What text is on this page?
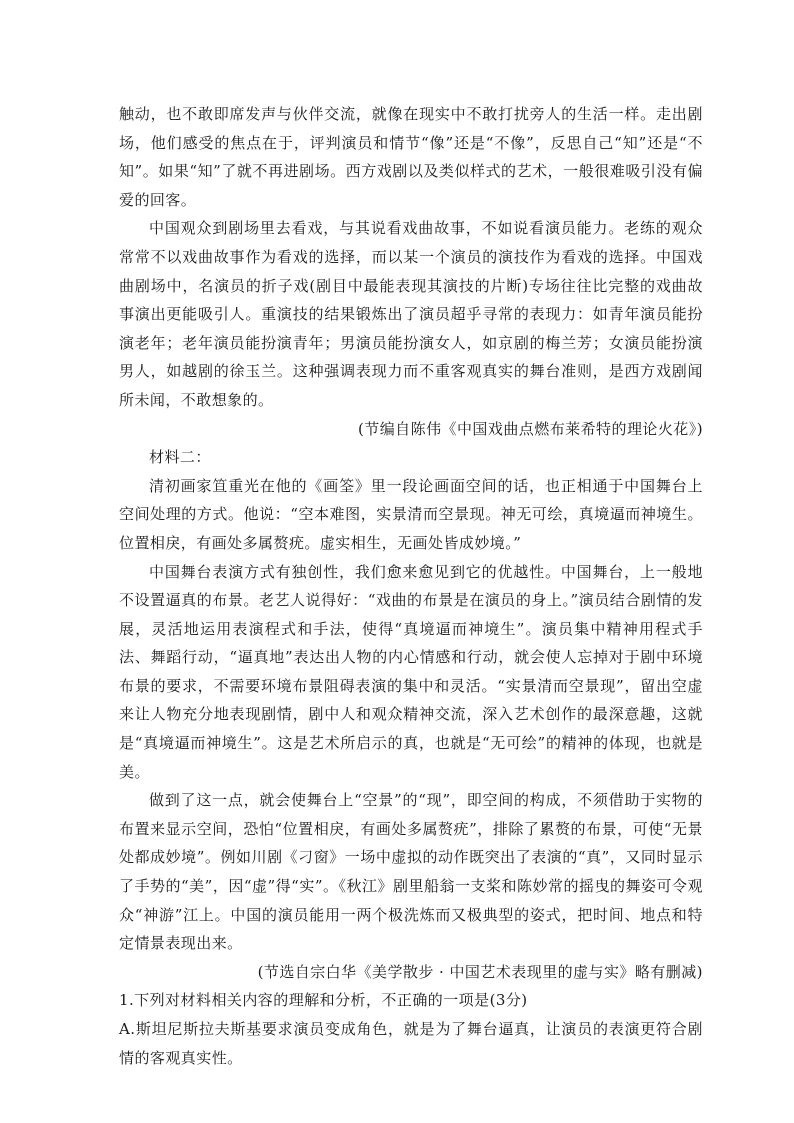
触动，也不敢即席发声与伙伴交流，就像在现实中不敢打扰旁人的生活一样。走出剧场，他们感受的焦点在于，评判演员和情节“像”还是“不像”，反思自己“知”还是“不知”。如果“知”了就不再进剧场。西方戏剧以及类似样式的艺术，一般很难吸引没有偏爱的回客。

中国观众到剧场里去看戏，与其说看戏曲故事，不如说看演员能力。老练的观众常常不以戏曲故事作为看戏的选择，而以某一个演员的演技作为看戏的选择。中国戏曲剧场中，名演员的折子戏(剧目中最能表现其演技的片断)专场往往比完整的戏曲故事演出更能吸引人。重演技的结果锻炼出了演员超乎寻常的表现力：如青年演员能扮演老年；老年演员能扮演青年；男演员能扮演女人，如京剧的梅兰芳；女演员能扮演男人，如越剧的徐玉兰。这种强调表现力而不重客观真实的舞台准则，是西方戏剧闻所未闻，不敢想象的。

(节编自陈伟《中国戏曲点燃布莱希特的理论火花》)

材料二：

清初画家笪重光在他的《画筌》里一段论画面空间的话，也正相通于中国舞台上空间处理的方式。他说：“空本难图，实景清而空景现。神无可绘，真境逼而神境生。位置相戾，有画处多属赘疣。虚实相生，无画处皆成妙境。”

中国舞台表演方式有独创性，我们愈来愈见到它的优越性。中国舞台，上一般地不设置逼真的布景。老艺人说得好：“戏曲的布景是在演员的身上。”演员结合剧情的发展，灵活地运用表演程式和手法，使得“真境逼而神境生”。演员集中精神用程式手法、舞蹈行动，“逼真地”表达出人物的内心情感和行动，就会使人忘掉对于剧中环境布景的要求，不需要环境布景阻碍表演的集中和灵活。“实景清而空景现”，留出空虚来让人物充分地表现剧情，剧中人和观众精神交流，深入艺术创作的最深意趣，这就是“真境逼而神境生”。这是艺术所启示的真，也就是“无可绘”的精神的体现，也就是美。

做到了这一点，就会使舞台上“空景”的“现”，即空间的构成，不须借助于实物的布置来显示空间，恐怕“位置相戾，有画处多属赘疣”，排除了累赘的布景，可使“无景处都成妙境”。例如川剧《刁窗》一场中虚拟的动作既突出了表演的“真”，又同时显示了手势的“美”，因“虚”得“实”。《秋江》剧里船翁一支桨和陈妙常的摇曳的舞姿可令观众“神游”江上。中国的演员能用一两个极洗炼而又极典型的姿式，把时间、地点和特定情景表现出来。

(节选自宗白华《美学散步 · 中国艺术表现里的虚与实》略有删减)

1.下列对材料相关内容的理解和分析，不正确的一项是(3分)

A.斯坦尼斯拉夫斯基要求演员变成角色，就是为了舞台逼真，让演员的表演更符合剧情的客观真实性。
